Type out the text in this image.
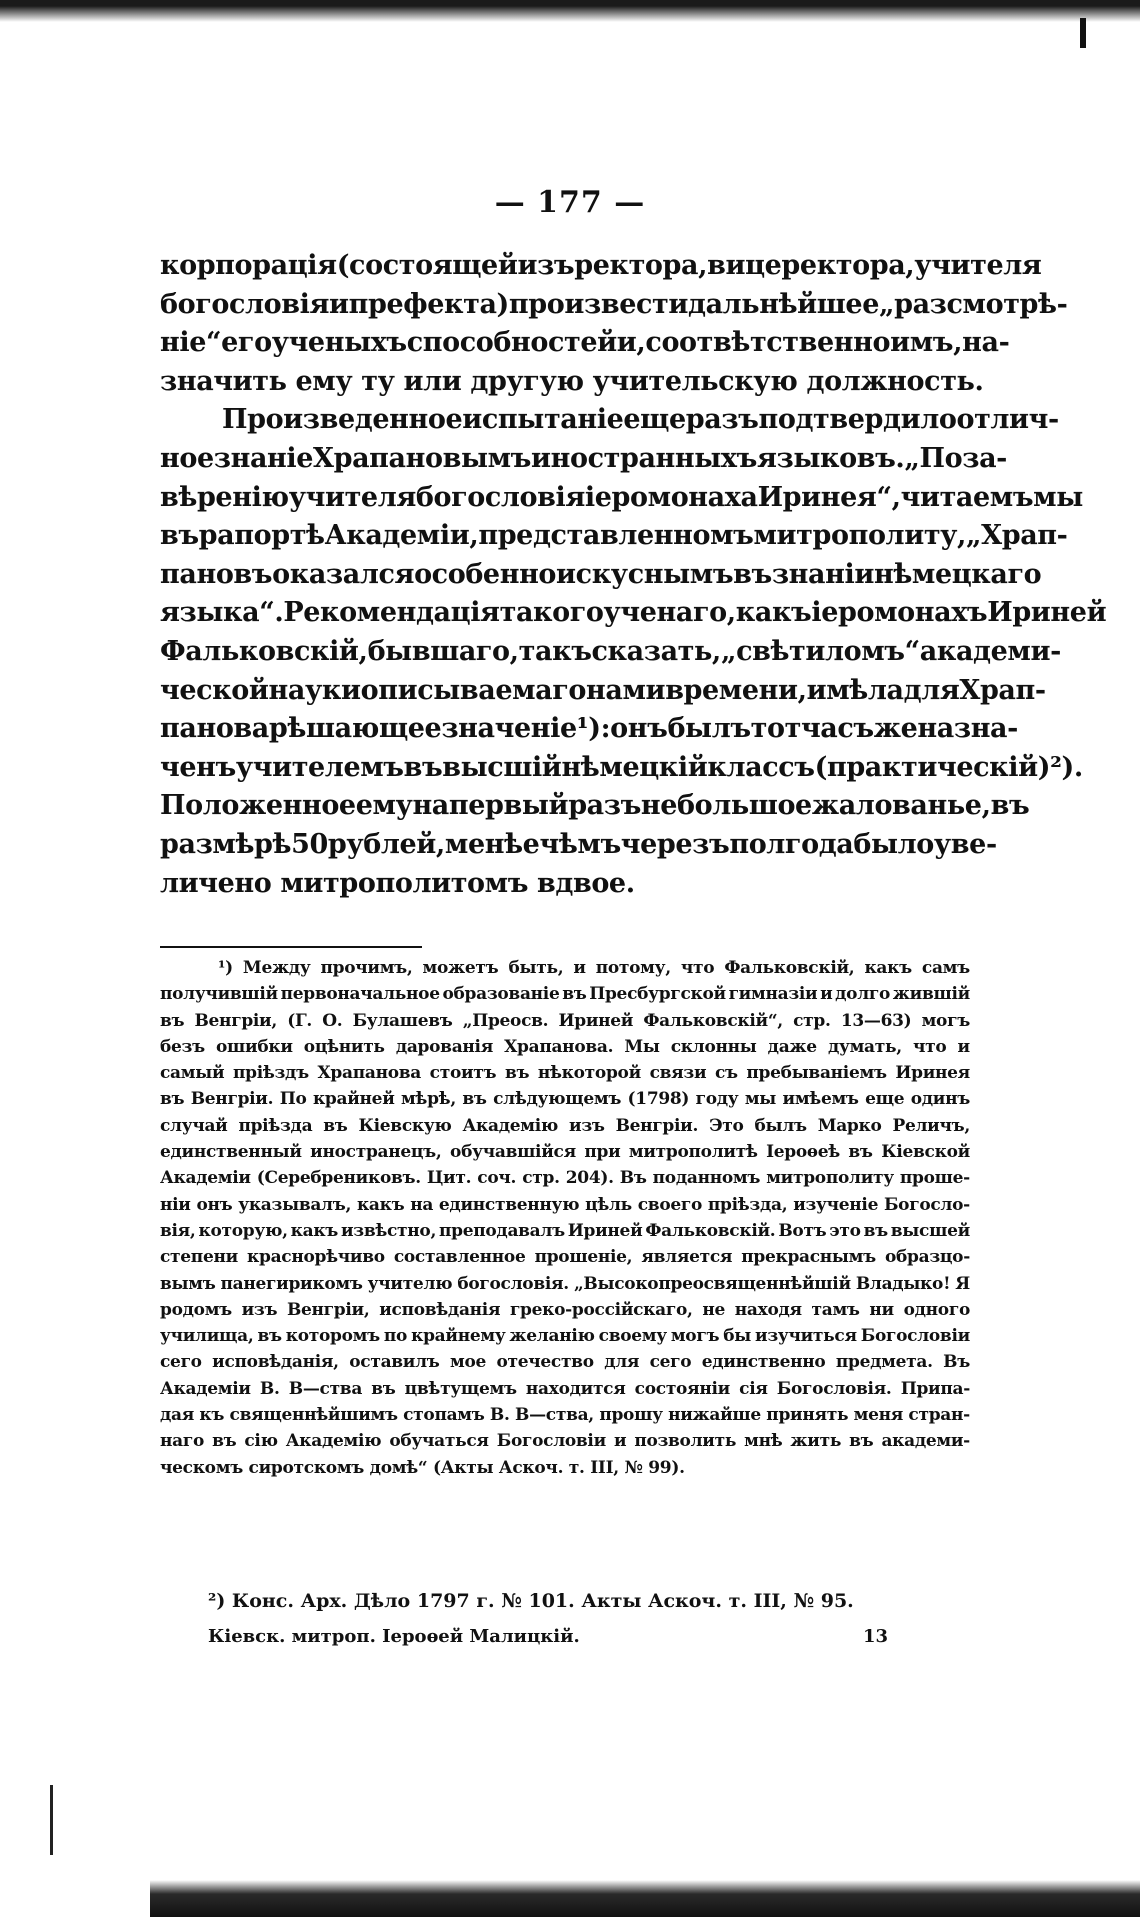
— 177 —
корпорація (состоящей изъ ректора, вицеректора, учителя
богословія и префекта) произвести дальнѣйшее „разсмотрѣ-
ніе“ его ученыхъ способностей и, соотвѣтственно имъ, на-
значить ему ту или другую учительскую должность.
Произведенное испытаніе еще разъ подтвердило отлич-
ное знаніе Храпановымъ иностранныхъ языковъ. „По за-
вѣренію учителя богословія іеромонаха Иринея“, читаемъ мы
въ рапортѣ Академіи, представленномъ митрополиту, „Храп-
пановъ оказался особенно искуснымъ въ знаніи нѣмецкаго
языка“. Рекомендація такого ученаго, какъ іеромонахъ Ириней
Фальковскій, бывшаго, такъ сказать, „свѣтиломъ“ академи-
ческой науки описываемаго нами времени, имѣла для Храп-
панова рѣшающее значеніе ¹): онъ былъ тотчасъ же назна-
ченъ учителемъ въ высшій нѣмецкій классъ (практическій) ²).
Положенное ему на первый разъ небольшое жалованье, въ
размѣрѣ 50 рублей, менѣе чѣмъ черезъ полгода было уве-
личено митрополитомъ вдвое.
¹) Между прочимъ, можетъ быть, и потому, что Фальковскій, какъ самъ
получившій первоначальное образованіе въ Пресбургской гимназіи и долго жившій
въ Венгріи, (Г. О. Булашевъ „Преосв. Ириней Фальковскій“, стр. 13—63) могъ
безъ ошибки оцѣнить дарованія Храпанова. Мы склонны даже думать, что и
самый пріѣздъ Храпанова стоитъ въ нѣкоторой связи съ пребываніемъ Иринея
въ Венгріи. По крайней мѣрѣ, въ слѣдующемъ (1798) году мы имѣемъ еще одинъ
случай пріѣзда въ Кіевскую Академію изъ Венгріи. Это былъ Марко Реличъ,
единственный иностранецъ, обучавшійся при митрополитѣ Іероѳеѣ въ Кіевской
Академіи (Серебрениковъ. Цит. соч. стр. 204). Въ поданномъ митрополиту проше-
ніи онъ указывалъ, какъ на единственную цѣль своего пріѣзда, изученіе Богосло-
вія, которую, какъ извѣстно, преподавалъ Ириней Фальковскій. Вотъ это въ высшей
степени краснорѣчиво составленное прошеніе, является прекраснымъ образцо-
вымъ панегирикомъ учителю богословія. „Высокопреосвященнѣйшій Владыко! Я
родомъ изъ Венгріи, исповѣданія греко-россійскаго, не находя тамъ ни одного
училища, въ которомъ по крайнему желанію своему могъ бы изучиться Богословіи
сего исповѣданія, оставилъ мое отечество для сего единственно предмета. Въ
Академіи В. В—ства въ цвѣтущемъ находится состояніи сія Богословія. Припа-
дая къ священнѣйшимъ стопамъ В. В—ства, прошу нижайше принять меня стран-
наго въ сію Академію обучаться Богословіи и позволить мнѣ жить въ академи-
ческомъ сиротскомъ домѣ“ (Акты Аскоч. т. III, № 99).
²) Конс. Арх. Дѣло 1797 г. № 101. Акты Аскоч. т. III, № 95.
Кіевск. митроп. Іероѳей Малицкій.	13
